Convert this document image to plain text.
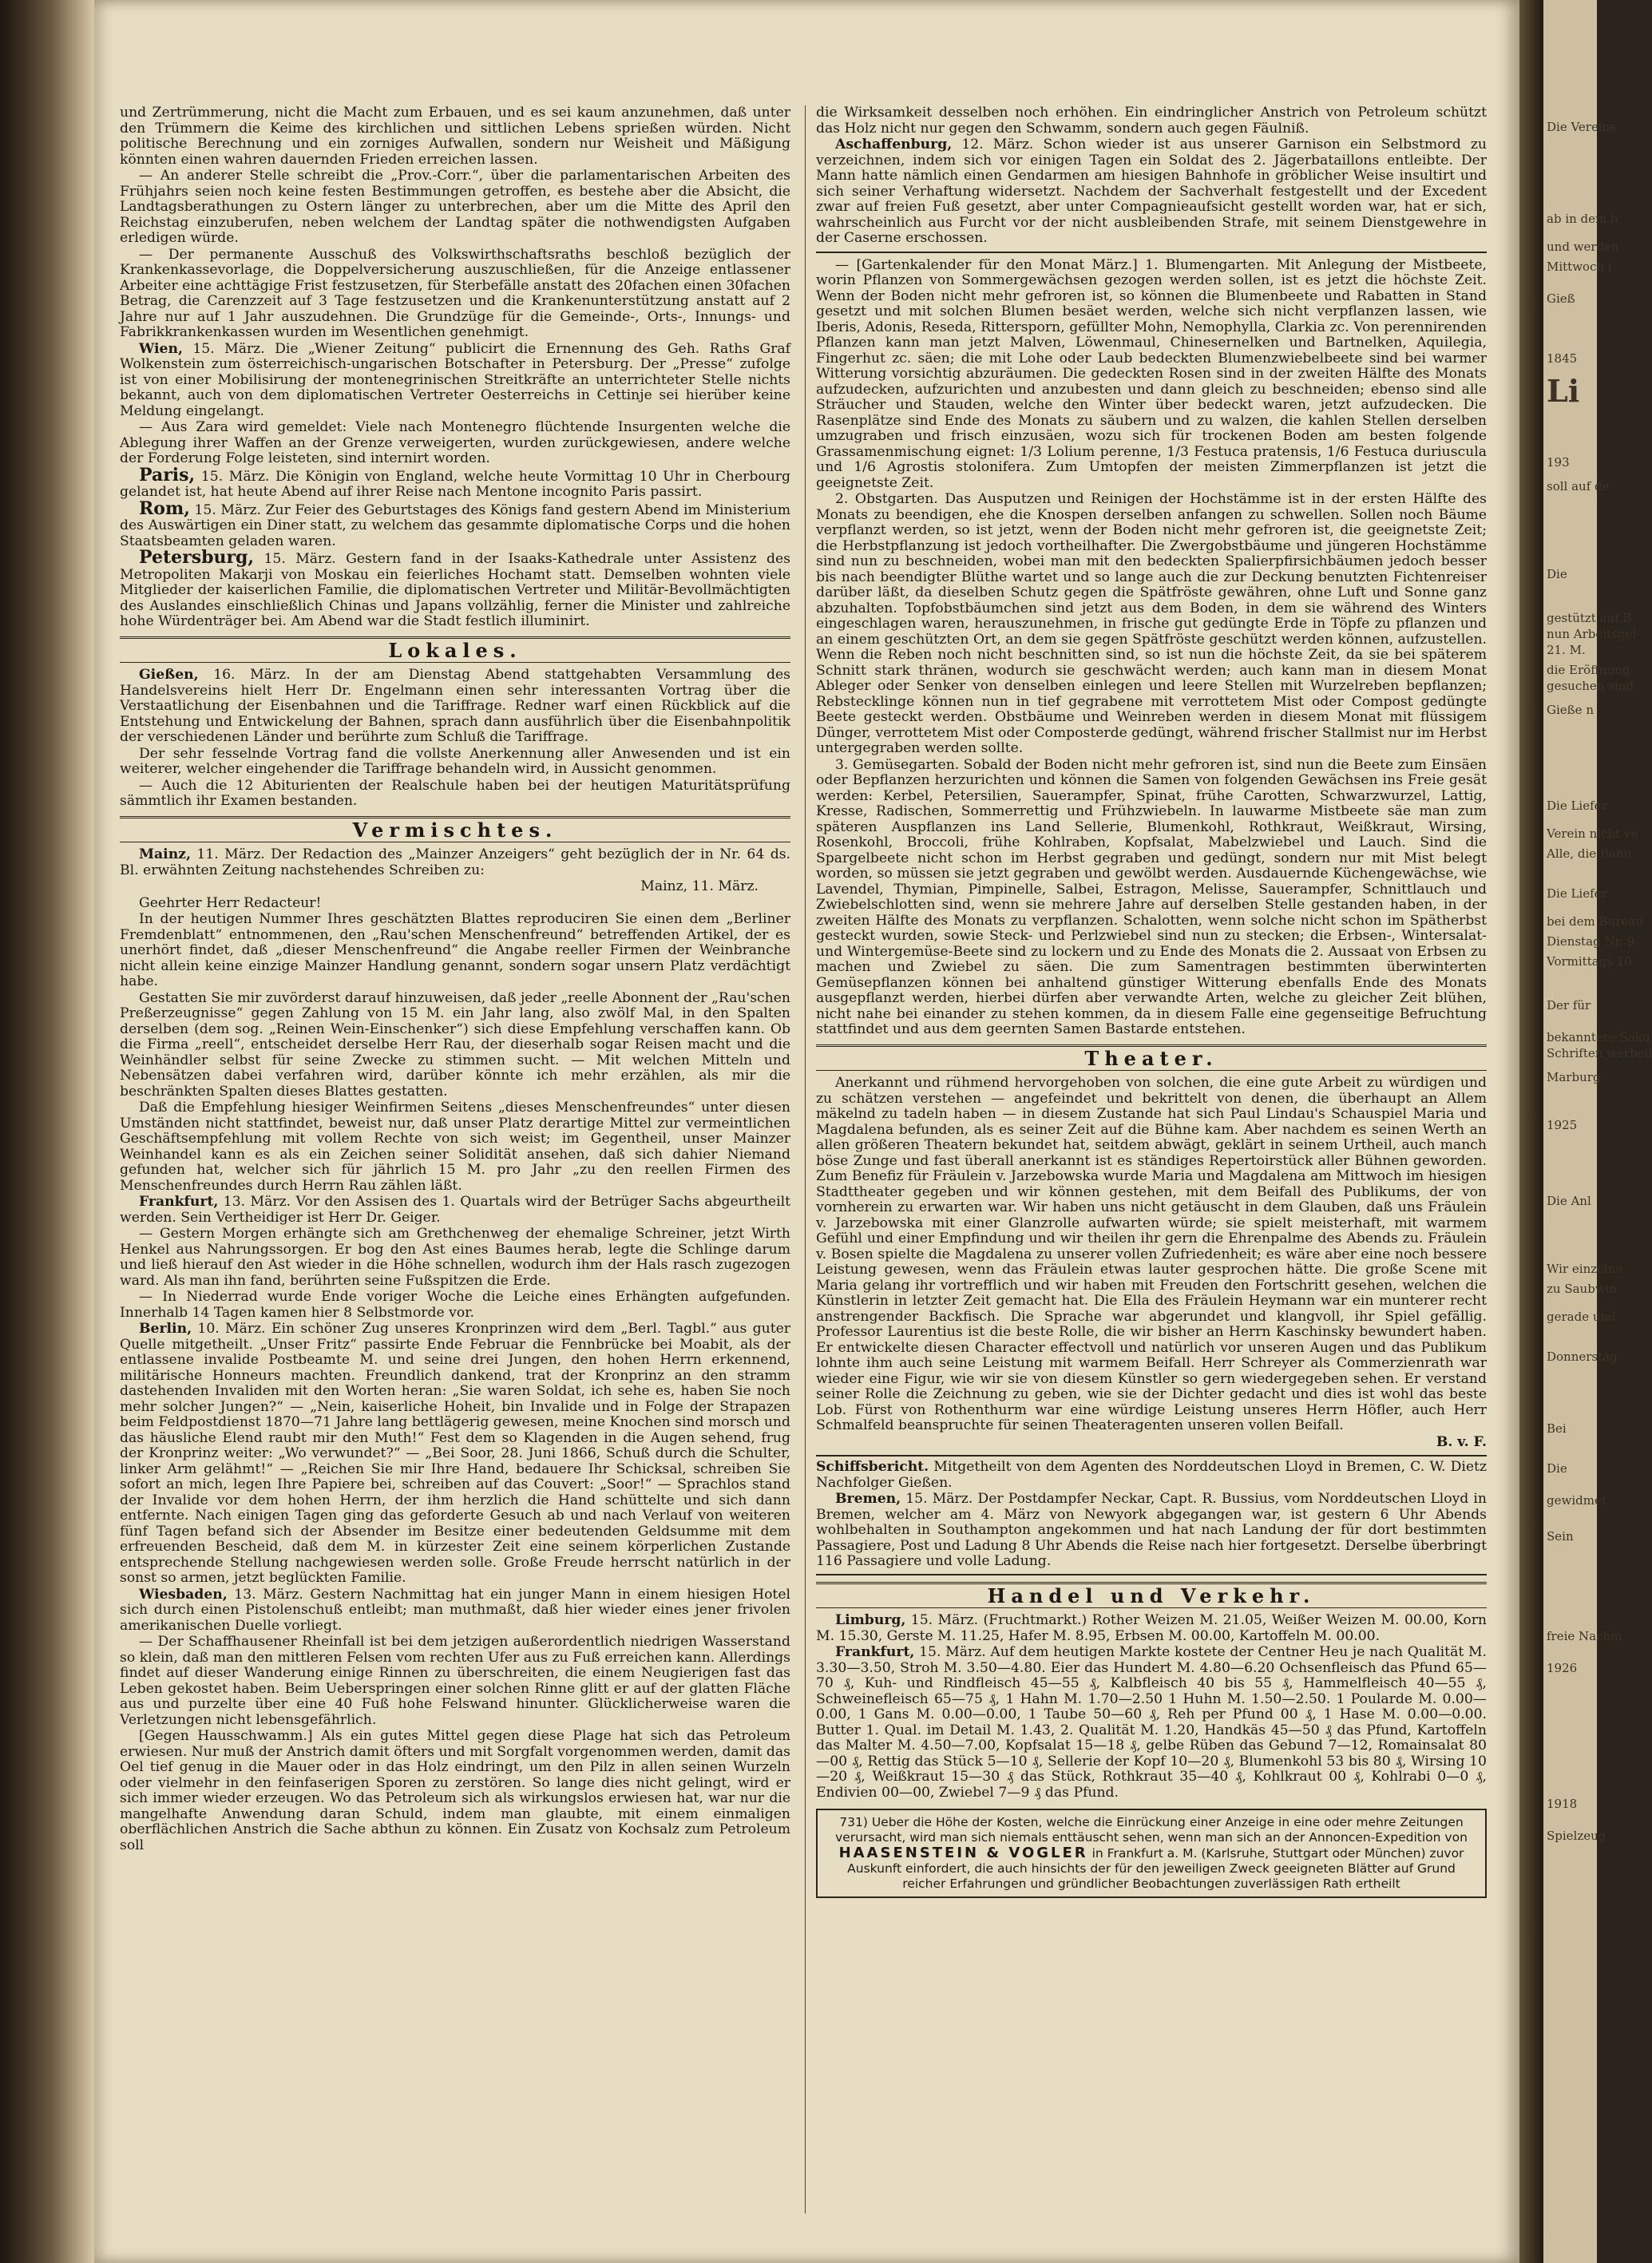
und Zertrümmerung, nicht die Macht zum Erbauen, und es sei kaum anzunehmen, daß unter den Trümmern die Keime des kirchlichen und sittlichen Lebens sprießen würden. Nicht politische Berechnung und ein zorniges Aufwallen, sondern nur Weisheit und Mäßigung könnten einen wahren dauernden Frieden erreichen lassen.

— An anderer Stelle schreibt die „Prov.-Corr.“, über die parlamentarischen Arbeiten des Frühjahrs seien noch keine festen Bestimmungen getroffen, es bestehe aber die Absicht, die Landtagsberathungen zu Ostern länger zu unterbrechen, aber um die Mitte des April den Reichstag einzuberufen, neben welchem der Landtag später die nothwendigsten Aufgaben erledigen würde.

— Der permanente Ausschuß des Volkswirthschaftsraths beschloß bezüglich der Krankenkassevorlage, die Doppelversicherung auszuschließen, für die Anzeige entlassener Arbeiter eine achttägige Frist festzusetzen, für Sterbefälle anstatt des 20fachen einen 30fachen Betrag, die Carenzzeit auf 3 Tage festzusetzen und die Krankenunterstützung anstatt auf 2 Jahre nur auf 1 Jahr auszudehnen. Die Grundzüge für die Gemeinde-, Orts-, Innungs- und Fabrikkrankenkassen wurden im Wesentlichen genehmigt.

Wien, 15. März. Die „Wiener Zeitung“ publicirt die Ernennung des Geh. Raths Graf Wolkenstein zum österreichisch-ungarischen Botschafter in Petersburg. Der „Presse“ zufolge ist von einer Mobilisirung der montenegrinischen Streitkräfte an unterrichteter Stelle nichts bekannt, auch von dem diplomatischen Vertreter Oesterreichs in Cettinje sei hierüber keine Meldung eingelangt.

— Aus Zara wird gemeldet: Viele nach Montenegro flüchtende Insurgenten welche die Ablegung ihrer Waffen an der Grenze verweigerten, wurden zurückgewiesen, andere welche der Forderung Folge leisteten, sind internirt worden.

Paris, 15. März. Die Königin von England, welche heute Vormittag 10 Uhr in Cherbourg gelandet ist, hat heute Abend auf ihrer Reise nach Mentone incognito Paris passirt.

Rom, 15. März. Zur Feier des Geburtstages des Königs fand gestern Abend im Ministerium des Auswärtigen ein Diner statt, zu welchem das gesammte diplomatische Corps und die hohen Staatsbeamten geladen waren.

Petersburg, 15. März. Gestern fand in der Isaaks-Kathedrale unter Assistenz des Metropoliten Makarji von Moskau ein feierliches Hochamt statt. Demselben wohnten viele Mitglieder der kaiserlichen Familie, die diplomatischen Vertreter und Militär-Bevollmächtigten des Auslandes einschließlich Chinas und Japans vollzählig, ferner die Minister und zahlreiche hohe Würdenträger bei. Am Abend war die Stadt festlich illuminirt.

Lokales.

Gießen, 16. März. In der am Dienstag Abend stattgehabten Versammlung des Handelsvereins hielt Herr Dr. Engelmann einen sehr interessanten Vortrag über die Verstaatlichung der Eisenbahnen und die Tariffrage. Redner warf einen Rückblick auf die Entstehung und Entwickelung der Bahnen, sprach dann ausführlich über die Eisenbahnpolitik der verschiedenen Länder und berührte zum Schluß die Tariffrage.

Der sehr fesselnde Vortrag fand die vollste Anerkennung aller Anwesenden und ist ein weiterer, welcher eingehender die Tariffrage behandeln wird, in Aussicht genommen.

— Auch die 12 Abiturienten der Realschule haben bei der heutigen Maturitätsprüfung sämmtlich ihr Examen bestanden.

Vermischtes.

Mainz, 11. März. Der Redaction des „Mainzer Anzeigers“ geht bezüglich der in Nr. 64 ds. Bl. erwähnten Zeitung nachstehendes Schreiben zu:

Mainz, 11. März.

Geehrter Herr Redacteur!

In der heutigen Nummer Ihres geschätzten Blattes reproduciren Sie einen dem „Berliner Fremdenblatt“ entnommenen, den „Rau'schen Menschenfreund“ betreffenden Artikel, der es unerhört findet, daß „dieser Menschenfreund“ die Angabe reeller Firmen der Weinbranche nicht allein keine einzige Mainzer Handlung genannt, sondern sogar unsern Platz verdächtigt habe.

Gestatten Sie mir zuvörderst darauf hinzuweisen, daß jeder „reelle Abonnent der „Rau'schen Preßerzeugnisse“ gegen Zahlung von 15 M. ein Jahr lang, also zwölf Mal, in den Spalten derselben (dem sog. „Reinen Wein-Einschenker“) sich diese Empfehlung verschaffen kann. Ob die Firma „reell“, entscheidet derselbe Herr Rau, der dieserhalb sogar Reisen macht und die Weinhändler selbst für seine Zwecke zu stimmen sucht. — Mit welchen Mitteln und Nebensätzen dabei verfahren wird, darüber könnte ich mehr erzählen, als mir die beschränkten Spalten dieses Blattes gestatten.

Daß die Empfehlung hiesiger Weinfirmen Seitens „dieses Menschenfreundes“ unter diesen Umständen nicht stattfindet, beweist nur, daß unser Platz derartige Mittel zur vermeintlichen Geschäftsempfehlung mit vollem Rechte von sich weist; im Gegentheil, unser Mainzer Weinhandel kann es als ein Zeichen seiner Solidität ansehen, daß sich dahier Niemand gefunden hat, welcher sich für jährlich 15 M. pro Jahr „zu den reellen Firmen des Menschenfreundes durch Herrn Rau zählen läßt.

Frankfurt, 13. März. Vor den Assisen des 1. Quartals wird der Betrüger Sachs abgeurtheilt werden. Sein Vertheidiger ist Herr Dr. Geiger.

— Gestern Morgen erhängte sich am Grethchenweg der ehemalige Schreiner, jetzt Wirth Henkel aus Nahrungssorgen. Er bog den Ast eines Baumes herab, legte die Schlinge darum und ließ hierauf den Ast wieder in die Höhe schnellen, wodurch ihm der Hals rasch zugezogen ward. Als man ihn fand, berührten seine Fußspitzen die Erde.

— In Niederrad wurde Ende voriger Woche die Leiche eines Erhängten aufgefunden. Innerhalb 14 Tagen kamen hier 8 Selbstmorde vor.

Berlin, 10. März. Ein schöner Zug unseres Kronprinzen wird dem „Berl. Tagbl.“ aus guter Quelle mitgetheilt. „Unser Fritz“ passirte Ende Februar die Fennbrücke bei Moabit, als der entlassene invalide Postbeamte M. und seine drei Jungen, den hohen Herrn erkennend, militärische Honneurs machten. Freundlich dankend, trat der Kronprinz an den stramm dastehenden Invaliden mit den Worten heran: „Sie waren Soldat, ich sehe es, haben Sie noch mehr solcher Jungen?“ — „Nein, kaiserliche Hoheit, bin Invalide und in Folge der Strapazen beim Feldpostdienst 1870—71 Jahre lang bettlägerig gewesen, meine Knochen sind morsch und das häusliche Elend raubt mir den Muth!“ Fest dem so Klagenden in die Augen sehend, frug der Kronprinz weiter: „Wo verwundet?“ — „Bei Soor, 28. Juni 1866, Schuß durch die Schulter, linker Arm gelähmt!“ — „Reichen Sie mir Ihre Hand, bedauere Ihr Schicksal, schreiben Sie sofort an mich, legen Ihre Papiere bei, schreiben auf das Couvert: „Soor!“ — Sprachlos stand der Invalide vor dem hohen Herrn, der ihm herzlich die Hand schüttelte und sich dann entfernte. Nach einigen Tagen ging das geforderte Gesuch ab und nach Verlauf von weiteren fünf Tagen befand sich der Absender im Besitze einer bedeutenden Geldsumme mit dem erfreuenden Bescheid, daß dem M. in kürzester Zeit eine seinem körperlichen Zustande entsprechende Stellung nachgewiesen werden solle. Große Freude herrscht natürlich in der sonst so armen, jetzt beglückten Familie.

Wiesbaden, 13. März. Gestern Nachmittag hat ein junger Mann in einem hiesigen Hotel sich durch einen Pistolenschuß entleibt; man muthmaßt, daß hier wieder eines jener frivolen amerikanischen Duelle vorliegt.

— Der Schaffhausener Rheinfall ist bei dem jetzigen außerordentlich niedrigen Wasserstand so klein, daß man den mittleren Felsen vom rechten Ufer aus zu Fuß erreichen kann. Allerdings findet auf dieser Wanderung einige Rinnen zu überschreiten, die einem Neugierigen fast das Leben gekostet haben. Beim Ueberspringen einer solchen Rinne glitt er auf der glatten Fläche aus und purzelte über eine 40 Fuß hohe Felswand hinunter. Glücklicherweise waren die Verletzungen nicht lebensgefährlich.

[Gegen Hausschwamm.] Als ein gutes Mittel gegen diese Plage hat sich das Petroleum erwiesen. Nur muß der Anstrich damit öfters und mit Sorgfalt vorgenommen werden, damit das Oel tief genug in die Mauer oder in das Holz eindringt, um den Pilz in allen seinen Wurzeln oder vielmehr in den feinfaserigen Sporen zu zerstören. So lange dies nicht gelingt, wird er sich immer wieder erzeugen. Wo das Petroleum sich als wirkungslos erwiesen hat, war nur die mangelhafte Anwendung daran Schuld, indem man glaubte, mit einem einmaligen oberflächlichen Anstrich die Sache abthun zu können. Ein Zusatz von Kochsalz zum Petroleum soll

die Wirksamkeit desselben noch erhöhen. Ein eindringlicher Anstrich von Petroleum schützt das Holz nicht nur gegen den Schwamm, sondern auch gegen Fäulniß.

Aschaffenburg, 12. März. Schon wieder ist aus unserer Garnison ein Selbstmord zu verzeichnen, indem sich vor einigen Tagen ein Soldat des 2. Jägerbataillons entleibte. Der Mann hatte nämlich einen Gendarmen am hiesigen Bahnhofe in gröblicher Weise insultirt und sich seiner Verhaftung widersetzt. Nachdem der Sachverhalt festgestellt und der Excedent zwar auf freien Fuß gesetzt, aber unter Compagnieaufsicht gestellt worden war, hat er sich, wahrscheinlich aus Furcht vor der nicht ausbleibenden Strafe, mit seinem Dienstgewehre in der Caserne erschossen.

— [Gartenkalender für den Monat März.] 1. Blumengarten. Mit Anlegung der Mistbeete, worin Pflanzen von Sommergewächsen gezogen werden sollen, ist es jetzt die höchste Zeit. Wenn der Boden nicht mehr gefroren ist, so können die Blumenbeete und Rabatten in Stand gesetzt und mit solchen Blumen besäet werden, welche sich nicht verpflanzen lassen, wie Iberis, Adonis, Reseda, Rittersporn, gefüllter Mohn, Nemophylla, Clarkia zc. Von perennirenden Pflanzen kann man jetzt Malven, Löwenmaul, Chinesernelken und Bartnelken, Aquilegia, Fingerhut zc. säen; die mit Lohe oder Laub bedeckten Blumenzwiebelbeete sind bei warmer Witterung vorsichtig abzuräumen. Die gedeckten Rosen sind in der zweiten Hälfte des Monats aufzudecken, aufzurichten und anzubesten und dann gleich zu beschneiden; ebenso sind alle Sträucher und Stauden, welche den Winter über bedeckt waren, jetzt aufzudecken. Die Rasenplätze sind Ende des Monats zu säubern und zu walzen, die kahlen Stellen derselben umzugraben und frisch einzusäen, wozu sich für trockenen Boden am besten folgende Grassamenmischung eignet: 1/3 Lolium perenne, 1/3 Festuca pratensis, 1/6 Festuca duriuscula und 1/6 Agrostis stolonifera. Zum Umtopfen der meisten Zimmerpflanzen ist jetzt die geeignetste Zeit.

2. Obstgarten. Das Ausputzen und Reinigen der Hochstämme ist in der ersten Hälfte des Monats zu beendigen, ehe die Knospen derselben anfangen zu schwellen. Sollen noch Bäume verpflanzt werden, so ist jetzt, wenn der Boden nicht mehr gefroren ist, die geeignetste Zeit; die Herbstpflanzung ist jedoch vortheilhafter. Die Zwergobstbäume und jüngeren Hochstämme sind nun zu beschneiden, wobei man mit den bedeckten Spalierpfirsichbäumen jedoch besser bis nach beendigter Blüthe wartet und so lange auch die zur Deckung benutzten Fichtenreiser darüber läßt, da dieselben Schutz gegen die Spätfröste gewähren, ohne Luft und Sonne ganz abzuhalten. Topfobstbäumchen sind jetzt aus dem Boden, in dem sie während des Winters eingeschlagen waren, herauszunehmen, in frische gut gedüngte Erde in Töpfe zu pflanzen und an einem geschützten Ort, an dem sie gegen Spätfröste geschützt werden können, aufzustellen. Wenn die Reben noch nicht beschnitten sind, so ist nun die höchste Zeit, da sie bei späterem Schnitt stark thränen, wodurch sie geschwächt werden; auch kann man in diesem Monat Ableger oder Senker von denselben einlegen und leere Stellen mit Wurzelreben bepflanzen; Rebstecklinge können nun in tief gegrabene mit verrottetem Mist oder Compost gedüngte Beete gesteckt werden. Obstbäume und Weinreben werden in diesem Monat mit flüssigem Dünger, verrottetem Mist oder Composterde gedüngt, während frischer Stallmist nur im Herbst untergegraben werden sollte.

3. Gemüsegarten. Sobald der Boden nicht mehr gefroren ist, sind nun die Beete zum Einsäen oder Bepflanzen herzurichten und können die Samen von folgenden Gewächsen ins Freie gesät werden: Kerbel, Petersilien, Sauerampfer, Spinat, frühe Carotten, Schwarzwurzel, Lattig, Kresse, Radischen, Sommerrettig und Frühzwiebeln. In lauwarme Mistbeete säe man zum späteren Auspflanzen ins Land Sellerie, Blumenkohl, Rothkraut, Weißkraut, Wirsing, Rosenkohl, Broccoli, frühe Kohlraben, Kopfsalat, Mabelzwiebel und Lauch. Sind die Spargelbeete nicht schon im Herbst gegraben und gedüngt, sondern nur mit Mist belegt worden, so müssen sie jetzt gegraben und gewölbt werden. Ausdauernde Küchengewächse, wie Lavendel, Thymian, Pimpinelle, Salbei, Estragon, Melisse, Sauerampfer, Schnittlauch und Zwiebelschlotten sind, wenn sie mehrere Jahre auf derselben Stelle gestanden haben, in der zweiten Hälfte des Monats zu verpflanzen. Schalotten, wenn solche nicht schon im Spätherbst gesteckt wurden, sowie Steck- und Perlzwiebel sind nun zu stecken; die Erbsen-, Wintersalat- und Wintergemüse-Beete sind zu lockern und zu Ende des Monats die 2. Aussaat von Erbsen zu machen und Zwiebel zu säen. Die zum Samentragen bestimmten überwinterten Gemüsepflanzen können bei anhaltend günstiger Witterung ebenfalls Ende des Monats ausgepflanzt werden, hierbei dürfen aber verwandte Arten, welche zu gleicher Zeit blühen, nicht nahe bei einander zu stehen kommen, da in diesem Falle eine gegenseitige Befruchtung stattfindet und aus dem geernten Samen Bastarde entstehen.

Theater.

Anerkannt und rühmend hervorgehoben von solchen, die eine gute Arbeit zu würdigen und zu schätzen verstehen — angefeindet und bekrittelt von denen, die überhaupt an Allem mäkelnd zu tadeln haben — in diesem Zustande hat sich Paul Lindau's Schauspiel Maria und Magdalena befunden, als es seiner Zeit auf die Bühne kam. Aber nachdem es seinen Werth an allen größeren Theatern bekundet hat, seitdem abwägt, geklärt in seinem Urtheil, auch manch böse Zunge und fast überall anerkannt ist es ständiges Repertoirstück aller Bühnen geworden. Zum Benefiz für Fräulein v. Jarzebowska wurde Maria und Magdalena am Mittwoch im hiesigen Stadttheater gegeben und wir können gestehen, mit dem Beifall des Publikums, der von vornherein zu erwarten war. Wir haben uns nicht getäuscht in dem Glauben, daß uns Fräulein v. Jarzebowska mit einer Glanzrolle aufwarten würde; sie spielt meisterhaft, mit warmem Gefühl und einer Empfindung und wir theilen ihr gern die Ehrenpalme des Abends zu. Fräulein v. Bosen spielte die Magdalena zu unserer vollen Zufriedenheit; es wäre aber eine noch bessere Leistung gewesen, wenn das Fräulein etwas lauter gesprochen hätte. Die große Scene mit Maria gelang ihr vortrefflich und wir haben mit Freuden den Fortschritt gesehen, welchen die Künstlerin in letzter Zeit gemacht hat. Die Ella des Fräulein Heymann war ein munterer recht anstrengender Backfisch. Die Sprache war abgerundet und klangvoll, ihr Spiel gefällig. Professor Laurentius ist die beste Rolle, die wir bisher an Herrn Kaschinsky bewundert haben. Er entwickelte diesen Character effectvoll und natürlich vor unseren Augen und das Publikum lohnte ihm auch seine Leistung mit warmem Beifall. Herr Schreyer als Commerzienrath war wieder eine Figur, wie wir sie von diesem Künstler so gern wiedergegeben sehen. Er verstand seiner Rolle die Zeichnung zu geben, wie sie der Dichter gedacht und dies ist wohl das beste Lob. Fürst von Rothenthurm war eine würdige Leistung unseres Herrn Höfler, auch Herr Schmalfeld beanspruchte für seinen Theateragenten unseren vollen Beifall.

B. v. F.

Schiffsbericht. Mitgetheilt von dem Agenten des Norddeutschen Lloyd in Bremen, C. W. Dietz Nachfolger Gießen.

Bremen, 15. März. Der Postdampfer Neckar, Capt. R. Bussius, vom Norddeutschen Lloyd in Bremen, welcher am 4. März von Newyork abgegangen war, ist gestern 6 Uhr Abends wohlbehalten in Southampton angekommen und hat nach Landung der für dort bestimmten Passagiere, Post und Ladung 8 Uhr Abends die Reise nach hier fortgesetzt. Derselbe überbringt 116 Passagiere und volle Ladung.

Handel und Verkehr.

Limburg, 15. März. (Fruchtmarkt.) Rother Weizen M. 21.05, Weißer Weizen M. 00.00, Korn M. 15.30, Gerste M. 11.25, Hafer M. 8.95, Erbsen M. 00.00, Kartoffeln M. 00.00.

Frankfurt, 15. März. Auf dem heutigen Markte kostete der Centner Heu je nach Qualität M. 3.30—3.50, Stroh M. 3.50—4.80. Eier das Hundert M. 4.80—6.20 Ochsenfleisch das Pfund 65—70 ₰, Kuh- und Rindfleisch 45—55 ₰, Kalbfleisch 40 bis 55 ₰, Hammelfleisch 40—55 ₰, Schweinefleisch 65—75 ₰, 1 Hahn M. 1.70—2.50 1 Huhn M. 1.50—2.50. 1 Poularde M. 0.00—0.00, 1 Gans M. 0.00—0.00, 1 Taube 50—60 ₰, Reh per Pfund 00 ₰, 1 Hase M. 0.00—0.00. Butter 1. Qual. im Detail M. 1.43, 2. Qualität M. 1.20, Handkäs 45—50 ₰ das Pfund, Kartoffeln das Malter M. 4.50—7.00, Kopfsalat 15—18 ₰, gelbe Rüben das Gebund 7—12, Romainsalat 80—00 ₰, Rettig das Stück 5—10 ₰, Sellerie der Kopf 10—20 ₰, Blumenkohl 53 bis 80 ₰, Wirsing 10—20 ₰, Weißkraut 15—30 ₰ das Stück, Rothkraut 35—40 ₰, Kohlkraut 00 ₰, Kohlrabi 0—0 ₰, Endivien 00—00, Zwiebel 7—9 ₰ das Pfund.

731) Ueber die Höhe der Kosten, welche die Einrückung einer Anzeige in eine oder mehre Zeitungen verursacht, wird man sich niemals enttäuscht sehen, wenn man sich an der Annoncen-Expedition von HAASENSTEIN & VOGLER in Frankfurt a. M. (Karlsruhe, Stuttgart oder München) zuvor Auskunft einfordert, die auch hinsichts der für den jeweiligen Zweck geeigneten Blätter auf Grund reicher Erfahrungen und gründlicher Beobachtungen zuverlässigen Rath ertheilt
Die Vereins
ab in dem h
und werden
Mittwoch i
Gieß
1845
Li
193
soll auf de
Die
gestützt auf B
nun Arbeitsgel
21. M.
die Eröffnung
gesuchen sind
Gieße n
Die Liefer
Verein nicht ve
Alle, die Bahn
Die Liefer
bei dem Bureau
Dienstag Nr. 9
Vormittags 10
Der für
bekanntere Saku
Schriften werbeil
Marburg
1925
Die Anl
Wir einzelne
zu Saubwin
gerade und
Donnerstag
Bei
Die
gewidmet
Sein
freie Nachm
1926
1918
Spielzeug
